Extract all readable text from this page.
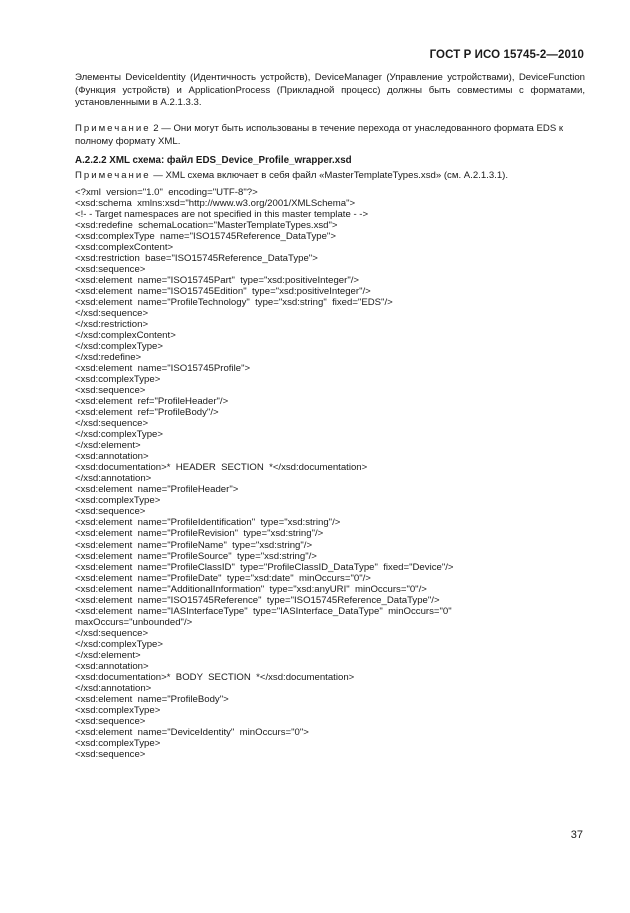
ГОСТ Р ИСО 15745-2—2010
Элементы DeviceIdentity (Идентичность устройств), DeviceManager (Управление устройствами), DeviceFunction (Функция устройств) и ApplicationProcess (Прикладной процесс) должны быть совместимы с форматами, установленными в A.2.1.3.3.
Примечание 2 — Они могут быть использованы в течение перехода от унаследованного формата EDS к полному формату XML.
A.2.2.2 XML схема: файл EDS_Device_Profile_wrapper.xsd
Примечание — XML схема включает в себя файл «MasterTemplateTypes.xsd» (см. A.2.1.3.1).
<?xml  version="1.0"  encoding="UTF-8"?>
<xsd:schema  xmlns:xsd="http://www.w3.org/2001/XMLSchema">
<!- - Target namespaces are not specified in this master template - ->
<xsd:redefine  schemaLocation="MasterTemplateTypes.xsd">
<xsd:complexType  name="ISO15745Reference_DataType">
<xsd:complexContent>
<xsd:restriction  base="ISO15745Reference_DataType">
<xsd:sequence>
<xsd:element  name="ISO15745Part"  type="xsd:positiveInteger"/>
<xsd:element  name="ISO15745Edition"  type="xsd:positiveInteger"/>
<xsd:element  name="ProfileTechnology"  type="xsd:string"  fixed="EDS"/>
</xsd:sequence>
</xsd:restriction>
</xsd:complexContent>
</xsd:complexType>
</xsd:redefine>
<xsd:element  name="ISO15745Profile">
<xsd:complexType>
<xsd:sequence>
<xsd:element  ref="ProfileHeader"/>
<xsd:element  ref="ProfileBody"/>
</xsd:sequence>
</xsd:complexType>
</xsd:element>
<xsd:annotation>
<xsd:documentation>*  HEADER  SECTION  *</xsd:documentation>
</xsd:annotation>
<xsd:element  name="ProfileHeader">
<xsd:complexType>
<xsd:sequence>
<xsd:element  name="ProfileIdentification"  type="xsd:string"/>
<xsd:element  name="ProfileRevision"  type="xsd:string"/>
<xsd:element  name="ProfileName"  type="xsd:string"/>
<xsd:element  name="ProfileSource"  type="xsd:string"/>
<xsd:element  name="ProfileClassID"  type="ProfileClassID_DataType"  fixed="Device"/>
<xsd:element  name="ProfileDate"  type="xsd:date"  minOccurs="0"/>
<xsd:element  name="AdditionalInformation"  type="xsd:anyURI"  minOccurs="0"/>
<xsd:element  name="ISO15745Reference"  type="ISO15745Reference_DataType"/>
<xsd:element  name="IASInterfaceType"  type="IASInterface_DataType"  minOccurs="0"
maxOccurs="unbounded"/>
</xsd:sequence>
</xsd:complexType>
</xsd:element>
<xsd:annotation>
<xsd:documentation>*  BODY  SECTION  *</xsd:documentation>
</xsd:annotation>
<xsd:element  name="ProfileBody">
<xsd:complexType>
<xsd:sequence>
<xsd:element  name="DeviceIdentity"  minOccurs="0">
<xsd:complexType>
<xsd:sequence>
37
